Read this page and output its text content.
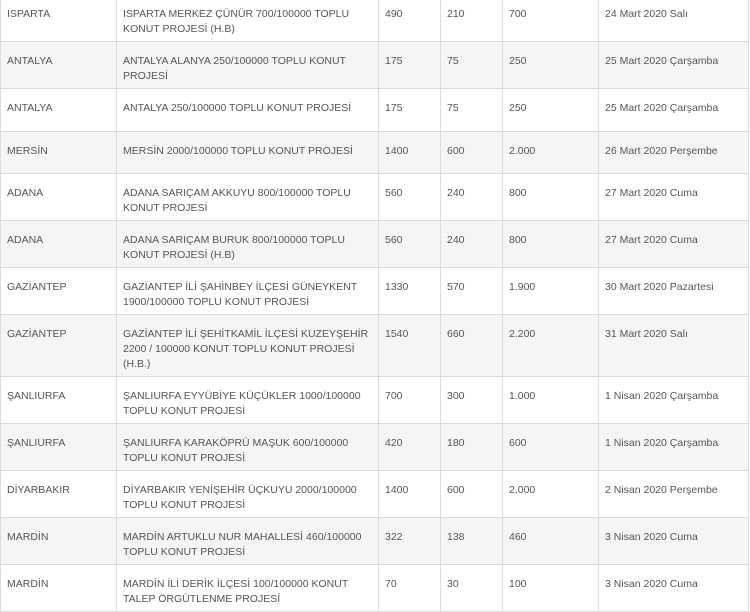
ISPARTA	ISPARTA MERKEZ ÇÜNÜR 700/100000 TOPLU KONUT PROJESİ (H.B)	490	210	700	24 Mart 2020 Salı
ANTALYA	ANTALYA ALANYA 250/100000 TOPLU KONUT PROJESİ	175	75	250	25 Mart 2020 Çarşamba
ANTALYA	ANTALYA 250/100000 TOPLU KONUT PROJESİ	175	75	250	25 Mart 2020 Çarşamba
MERSİN	MERSİN 2000/100000 TOPLU KONUT PROJESİ	1400	600	2.000	26 Mart 2020 Perşembe
ADANA	ADANA SARIÇAM AKKUYU 800/100000 TOPLU KONUT PROJESİ	560	240	800	27 Mart 2020 Cuma
ADANA	ADANA SARIÇAM BURUK 800/100000 TOPLU KONUT PROJESİ (H.B)	560	240	800	27 Mart 2020 Cuma
GAZİANTEP	GAZİANTEP İLİ ŞAHİNBEY İLÇESİ GÜNEYKENT 1900/100000 TOPLU KONUT PROJESİ	1330	570	1.900	30 Mart 2020 Pazartesi
GAZİANTEP	GAZİANTEP İLİ ŞEHİTKAMİL İLÇESİ KUZEYŞEHİR 2200 / 100000 KONUT TOPLU KONUT PROJESİ (H.B.)	1540	660	2.200	31 Mart 2020 Salı
ŞANLIURFA	ŞANLIURFA EYYÜBİYE KÜÇÜKLER 1000/100000 TOPLU KONUT PROJESİ	700	300	1.000	1 Nisan 2020 Çarşamba
ŞANLIURFA	ŞANLIURFA KARAKÖPRÜ MAŞUK 600/100000 TOPLU KONUT PROJESİ	420	180	600	1 Nisan 2020 Çarşamba
DİYARBAKIR	DİYARBAKIR YENİŞEHİR ÜÇKUYU 2000/100000 TOPLU KONUT PROJESİ	1400	600	2.000	2 Nisan 2020 Perşembe
MARDİN	MARDİN ARTUKLU NUR MAHALLESİ 460/100000 TOPLU KONUT PROJESİ	322	138	460	3 Nisan 2020 Cuma
MARDİN	MARDİN İLİ DERİK İLÇESİ 100/100000 KONUT TALEP ÖRGÜTLENME PROJESİ	70	30	100	3 Nisan 2020 Cuma
